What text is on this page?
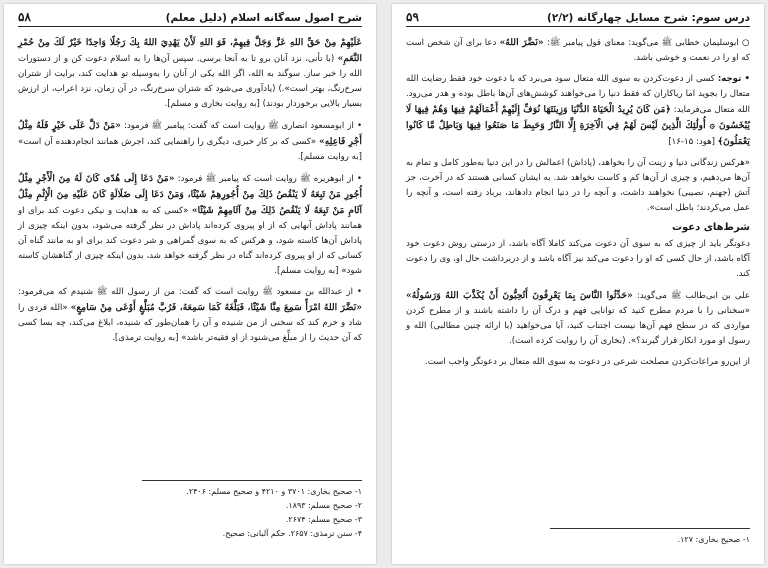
شرح اصول سه‌گانه اسلام (دلیل معلم)
۵۸
عَلَيْهِمْ مِنْ حَقِّ اللهِ عَزَّ وَجَلَّ فِيهِمْ، فَوَ اللهِ لَأَنْ يَهْدِيَ اللهُ بِكَ رَجُلًا وَاحِدًا خَيْرٌ لَكَ مِنْ حُمْرِ النَّعَمِ» (با تأنی، نزد آنان برو تا به آنجا برسی. سپس آن‌ها را به اسلام دعوت کن و از دستورات الله را خبر ساز. سوگند به الله، اگر الله یکی از آنان را به‌وسیله تو هدایت کند، برایت از شتران سرخ‌رنگ، بهتر است».) (یادآوری می‌شود که شتران سرخ‌رنگ، در آن زمان، نزد اعراب، از ارزش بسیار بالایی برخوردار بودند) [به روایت بخاری و مسلم].
• از ابومسعود انصاری ﷺ روایت است که گفت: پیامبر ﷺ فرمود: «مَنْ دَلَّ عَلَى خَيْرٍ فَلَهُ مِثْلُ أَجْرِ فَاعِلِهِ» «کسی که بر کار خیری، دیگری را راهنمایی کند، اجرش همانند انجام‌دهنده آن است» [به روایت مسلم].
• از ابوهریره ﷺ روایت است که پیامبر ﷺ فرمود: «مَنْ دَعَا إِلَى هُدًى كَانَ لَهُ مِنَ الْأَجْرِ مِثْلُ أُجُورِ مَنْ تَبِعَهُ لَا يَنْقُصُ ذَلِكَ مِنْ أُجُورِهِمْ شَيْئًا، وَمَنْ دَعَا إِلَى ضَلَالَةٍ كَانَ عَلَيْهِ مِنَ الْإِثْمِ مِثْلُ آثَامِ مَنْ تَبِعَهُ لَا يَنْقُصُ ذَلِكَ مِنْ آثَامِهِمْ شَيْئًا» «کسی که به هدایت و نیکی دعوت کند برای او همانند پاداش آنهایی که از او پیروی کرده‌اند پاداش در نظر گرفته می‌شود، بدون اینکه چیزی از پاداش آن‌ها کاسته شود، و هرکس که به سوی گمراهی و شر دعوت کند برای او به مانند گناه آن کسانی که از او پیروی کرده‌اند گناه در نظر گرفته خواهد شد، بدون اینکه چیزی از گناهشان کاسته شود» [به روایت مسلم].
• از عبدالله بن مسعود ﷺ روایت است که گفت: من از رسول الله ﷺ شنیدم که می‌فرمود: «نَضَّرَ اللهُ امْرَأً سَمِعَ مِنَّا شَيْئًا، فَبَلَّغَهُ كَمَا سَمِعَهُ، فَرُبَّ مُبَلَّغٍ أَوْعَى مِنْ سَامِعٍ» «الله فردی را شاد و خرم کند که سخنی از من شنیده و آن را همان‌طور که شنیده، ابلاغ می‌کند، چه بسا کسی که آن حدیث را از مبلِّغ می‌شنود از او فقیه‌تر باشد» [به روایت ترمذی].
۱- صحیح بخاری: ۳۷۰۱ و ۴۲۱۰ و صحیح مسلم: ۲۴۰۶.
۲- صحیح مسلم: ۱۸۹۳.
۳- صحیح مسلم: ۲۶۷۴.
۴- سنن ترمذی: ۲۶۵۷. حکم آلبانی: صحیح.
درس سوم: شرح مسایل چهارگانه (۲/۲)
۵۹
○ ابوسلیمان خطابی ﷺ می‌گوید: معنای قول پیامبر ﷺ: «نَضَّرَ اللهُ» دعا برای آن شخص است که او را در نعمت و خوشی باشد.
• توجه: کسی از دعوت‌کردن به سوی الله متعال سود می‌برد که با دعوت خود فقط رضایت الله متعال را بجوید اما ریاکاران که فقط دنیا را می‌خواهند کوشش‌های آن‌ها باطل بوده و هدر می‌رود. الله متعال می‌فرماید: ﴿مَن كَانَ يُرِيدُ الْحَيَاةَ الدُّنْيَا وَزِينَتَهَا نُوَفِّ إِلَيْهِمْ أَعْمَالَهُمْ فِيهَا وَهُمْ فِيهَا لَا يُبْخَسُونَ ۞ أُولَٰئِكَ الَّذِينَ لَيْسَ لَهُمْ فِي الْآخِرَةِ إِلَّا النَّارُ وَحَبِطَ مَا صَنَعُوا فِيهَا وَبَاطِلٌ مَّا كَانُوا يَعْمَلُونَ﴾ [هود: ۱۵-۱۶]
«هرکس زندگانی دنیا و زینت آن را بخواهد، (پاداش) اعمالش را در این دنیا به‌طور کامل و تمام به آن‌ها می‌دهیم، و چیزی از آن‌ها کم و کاست نخواهد شد. به ایشان کسانی هستند که در آخرت، جز آتش (جهنم، نصیبی) نخواهند داشت، و آنچه را در دنیا انجام دادهاند، برباد رفته است، و آنچه را عمل می‌کردند؛ باطل است».
شرط‌های دعوت
دعوتگر باید از چیزی که به سوی آن دعوت می‌کند کاملا آگاه باشد، از درستی روش دعوت خود آگاه باشد، از حال کسی که او را دعوت می‌کند نیز آگاه باشد و از دربرداشت حال او، وی را دعوت کند.
علی بن ابی‌طالب ﷺ می‌گوید: «حَدِّثُوا النَّاسَ بِمَا يَعْرِفُونَ أَتُحِبُّونَ أَنْ يُكَذَّبَ اللهُ وَرَسُولُهُ» «سخنانی را با مردم مطرح کنید که توانایی فهم و درک آن را داشته باشند و از مطرح کردن مواردی که در سطح فهم آن‌ها نیست اجتناب کنید، آیا می‌خواهید (با ارائه چنین مطالبی) الله و رسول او مورد انکار قرار گیرند؟». (بخاری آن را روایت کرده است).
از این‌رو مراعات‌کردن مصلحت شرعی در دعوت به سوی الله متعال بر دعوتگر واجب است.
۱- صحیح بخاری: ۱۲۷.
